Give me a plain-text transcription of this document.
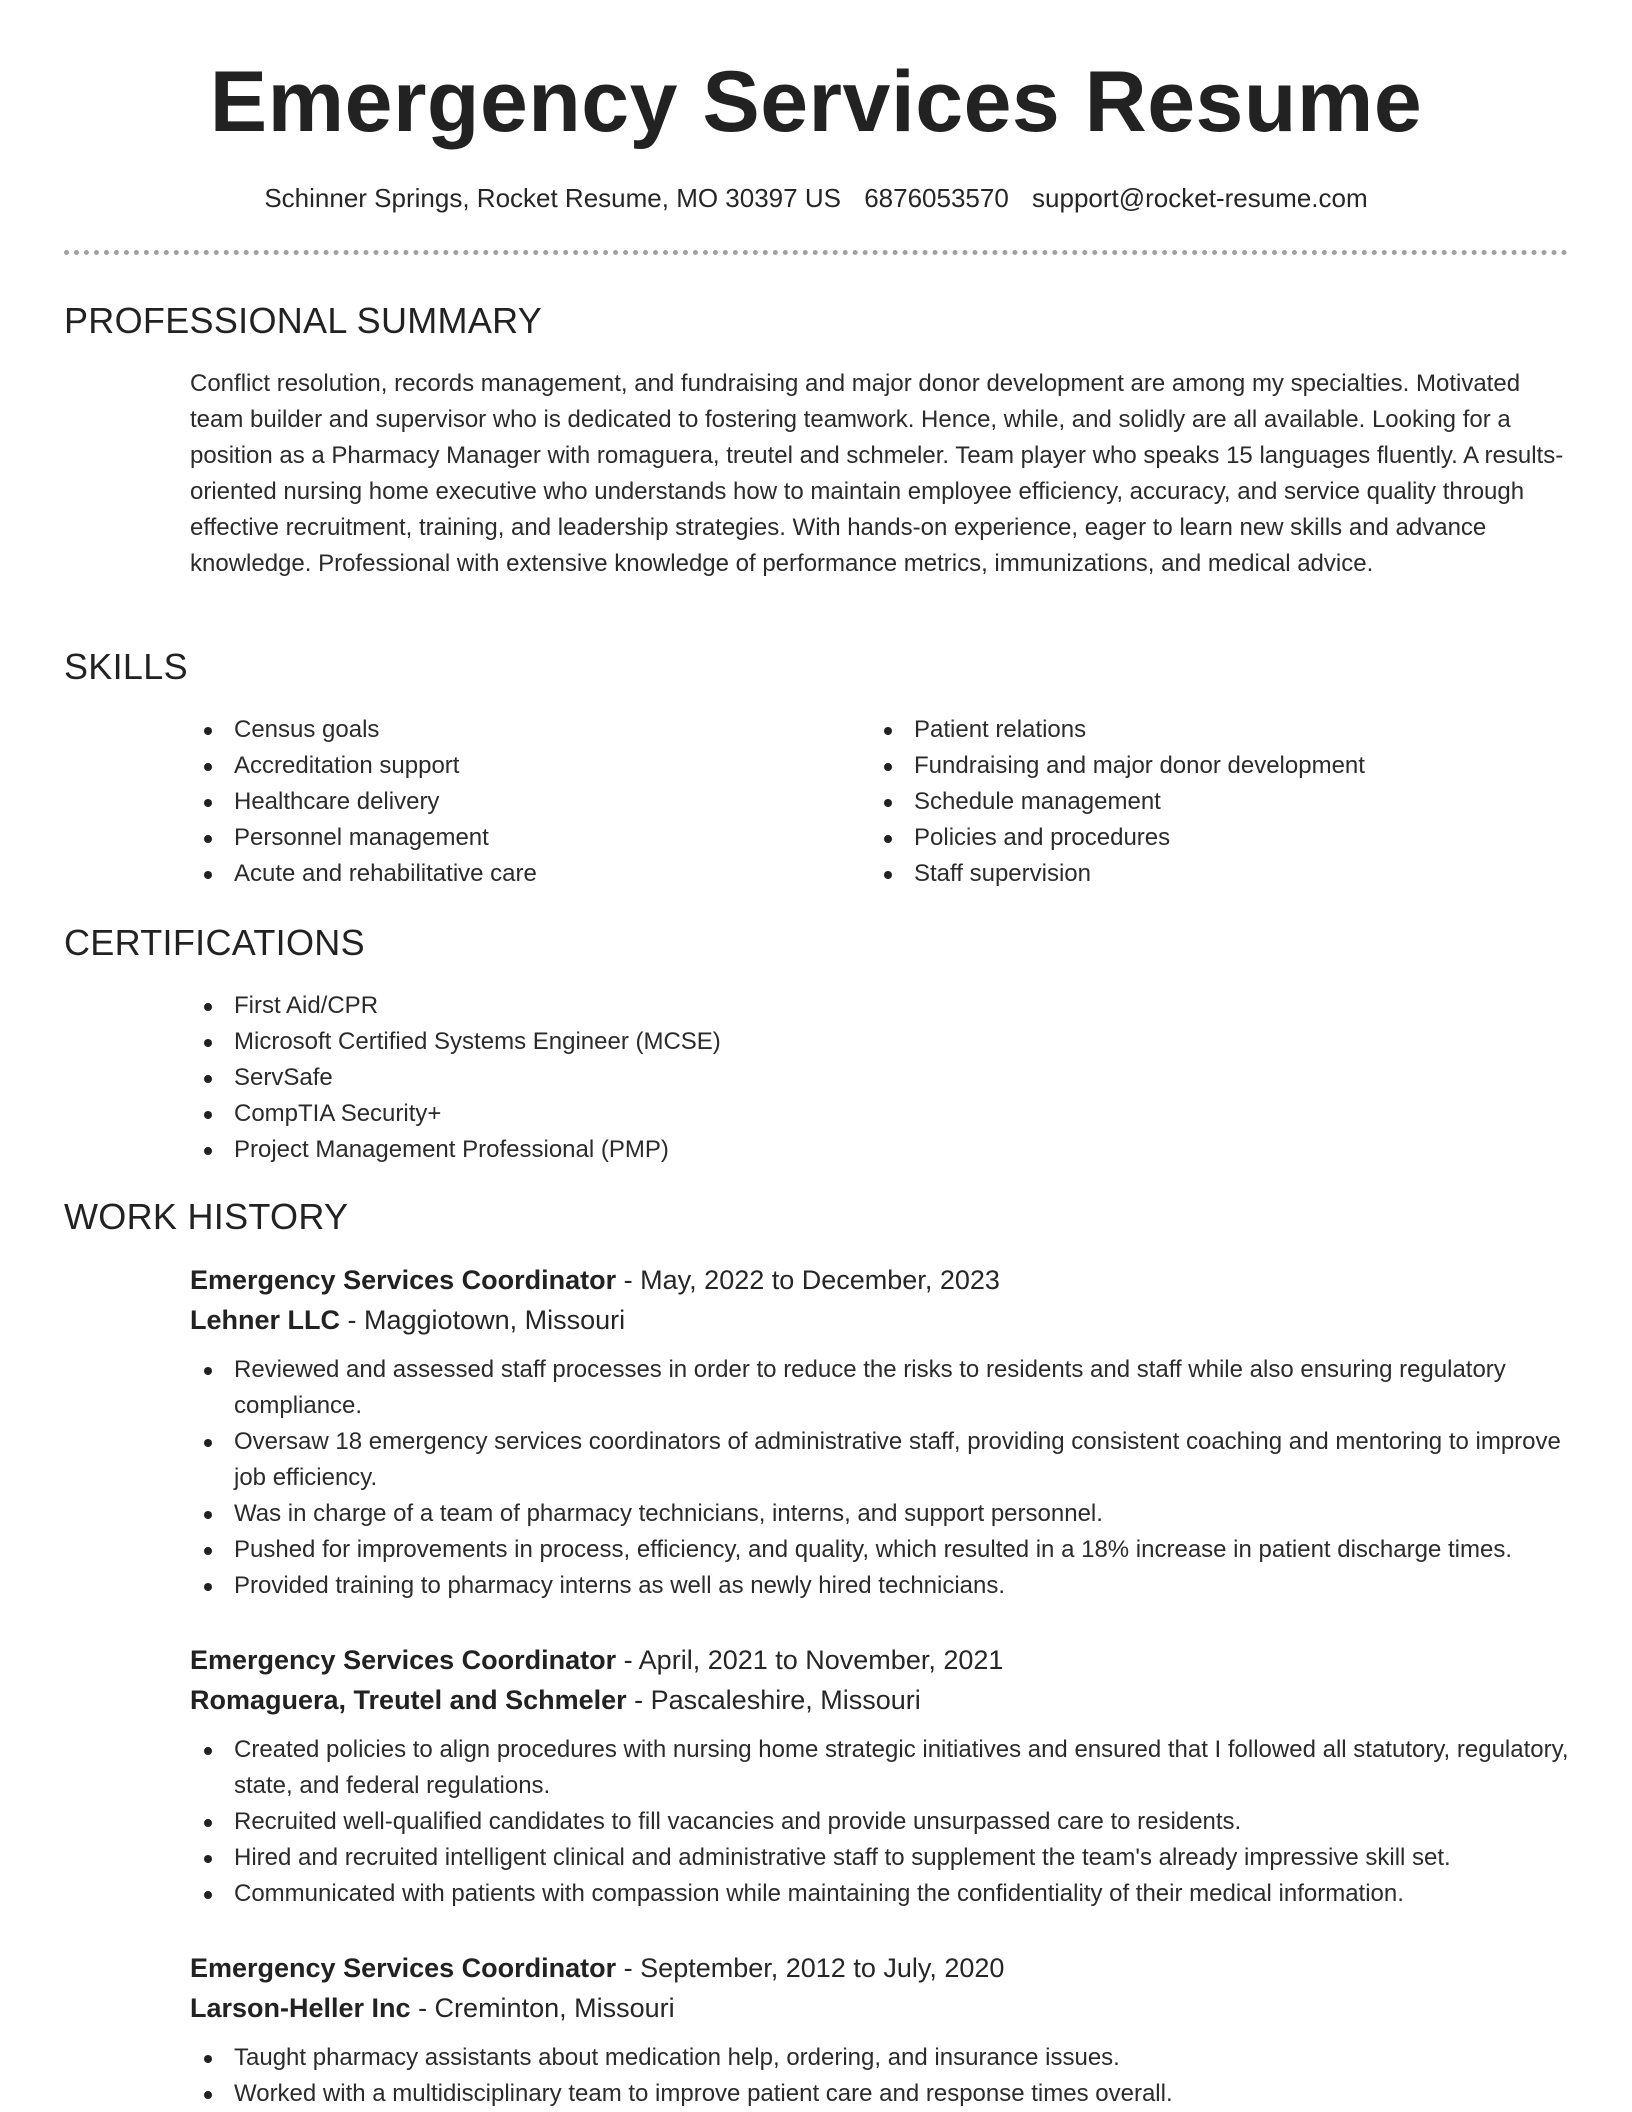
Emergency Services Resume
Schinner Springs, Rocket Resume, MO 30397 US 6876053570 support@rocket-resume.com
PROFESSIONAL SUMMARY

Conflict resolution, records management, and fundraising and major donor development are among my specialties. Motivated team builder and supervisor who is dedicated to fostering teamwork. Hence, while, and solidly are all available. Looking for a position as a Pharmacy Manager with romaguera, treutel and schmeler. Team player who speaks 15 languages fluently. A results-oriented nursing home executive who understands how to maintain employee efficiency, accuracy, and service quality through effective recruitment, training, and leadership strategies. With hands-on experience, eager to learn new skills and advance knowledge. Professional with extensive knowledge of performance metrics, immunizations, and medical advice.

SKILLS
Census goals
Accreditation support
Healthcare delivery
Personnel management
Acute and rehabilitative care
Patient relations
Fundraising and major donor development
Schedule management
Policies and procedures
Staff supervision
CERTIFICATIONS
First Aid/CPR
Microsoft Certified Systems Engineer (MCSE)
ServSafe
CompTIA Security+
Project Management Professional (PMP)
WORK HISTORY

Emergency Services Coordinator - May, 2022 to December, 2023

Lehner LLC - Maggiotown, Missouri

Reviewed and assessed staff processes in order to reduce the risks to residents and staff while also ensuring regulatory compliance.
Oversaw 18 emergency services coordinators of administrative staff, providing consistent coaching and mentoring to improve job efficiency.
Was in charge of a team of pharmacy technicians, interns, and support personnel.
Pushed for improvements in process, efficiency, and quality, which resulted in a 18% increase in patient discharge times.
Provided training to pharmacy interns as well as newly hired technicians.

Emergency Services Coordinator - April, 2021 to November, 2021

Romaguera, Treutel and Schmeler - Pascaleshire, Missouri

Created policies to align procedures with nursing home strategic initiatives and ensured that I followed all statutory, regulatory, state, and federal regulations.
Recruited well-qualified candidates to fill vacancies and provide unsurpassed care to residents.
Hired and recruited intelligent clinical and administrative staff to supplement the team's already impressive skill set.
Communicated with patients with compassion while maintaining the confidentiality of their medical information.

Emergency Services Coordinator - September, 2012 to July, 2020

Larson-Heller Inc - Creminton, Missouri

Taught pharmacy assistants about medication help, ordering, and insurance issues.
Worked with a multidisciplinary team to improve patient care and response times overall.
